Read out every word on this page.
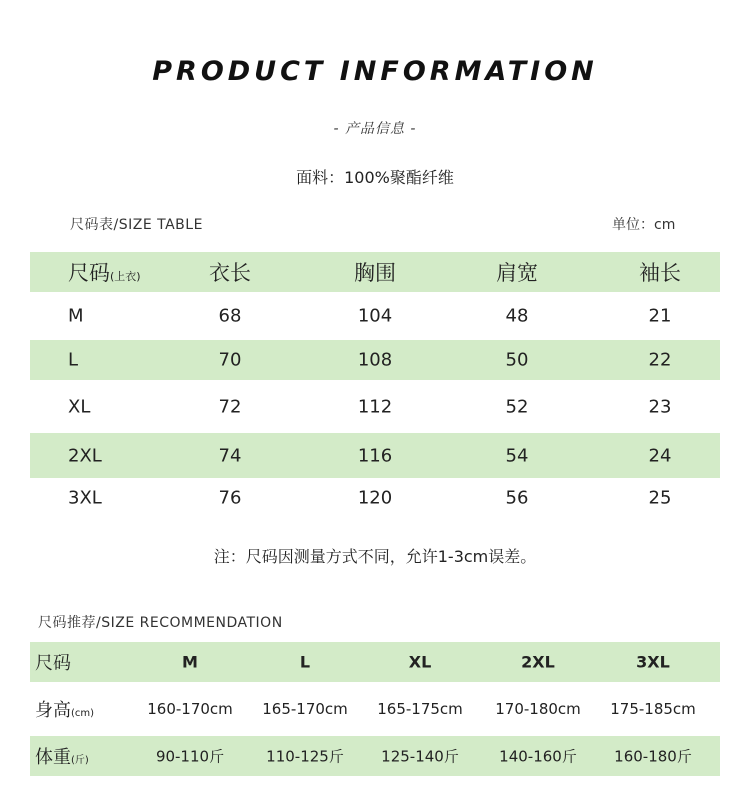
PRODUCT INFORMATION
- 产品信息 -
面料：100%聚酯纤维
尺码表/SIZE TABLE	单位：cm
尺码(上衣)	衣长	胸围	肩宽	袖长
M	68	104	48	21
L	70	108	50	22
XL	72	112	52	23
2XL	74	116	54	24
3XL	76	120	56	25
注：尺码因测量方式不同，允许1-3cm误差。
尺码推荐/SIZE RECOMMENDATION
尺码	M	L	XL	2XL	3XL
身高(cm)	160-170cm 165-170cm 165-175cm 170-180cm 175-185cm
体重(斤)	90-110斤	110-125斤 125-140斤	140-160斤 160-180斤
